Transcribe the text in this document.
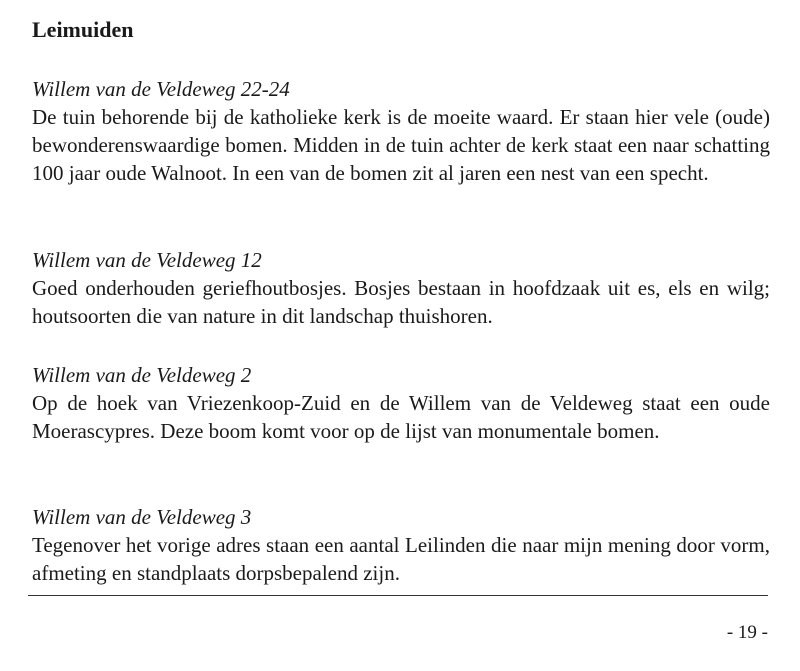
Leimuiden

Willem van de Veldeweg 22-24

De tuin behorende bij de katholieke kerk is de moeite waard. Er staan hier vele (oude) bewonderenswaardige bomen. Midden in de tuin achter de kerk staat een naar schatting 100 jaar oude Walnoot. In een van de bomen zit al jaren een nest van een specht.

Willem van de Veldeweg 12

Goed onderhouden geriefhoutbosjes. Bosjes bestaan in hoofdzaak uit es, els en wilg; houtsoorten die van nature in dit landschap thuishoren.

Willem van de Veldeweg 2

Op de hoek van Vriezenkoop-Zuid en de Willem van de Veldeweg staat een oude Moerascypres. Deze boom komt voor op de lijst van monumentale bomen.

Willem van de Veldeweg 3

Tegenover het vorige adres staan een aantal Leilinden die naar mijn mening door vorm, afmeting en standplaats dorpsbepalend zijn.

- 19 -
